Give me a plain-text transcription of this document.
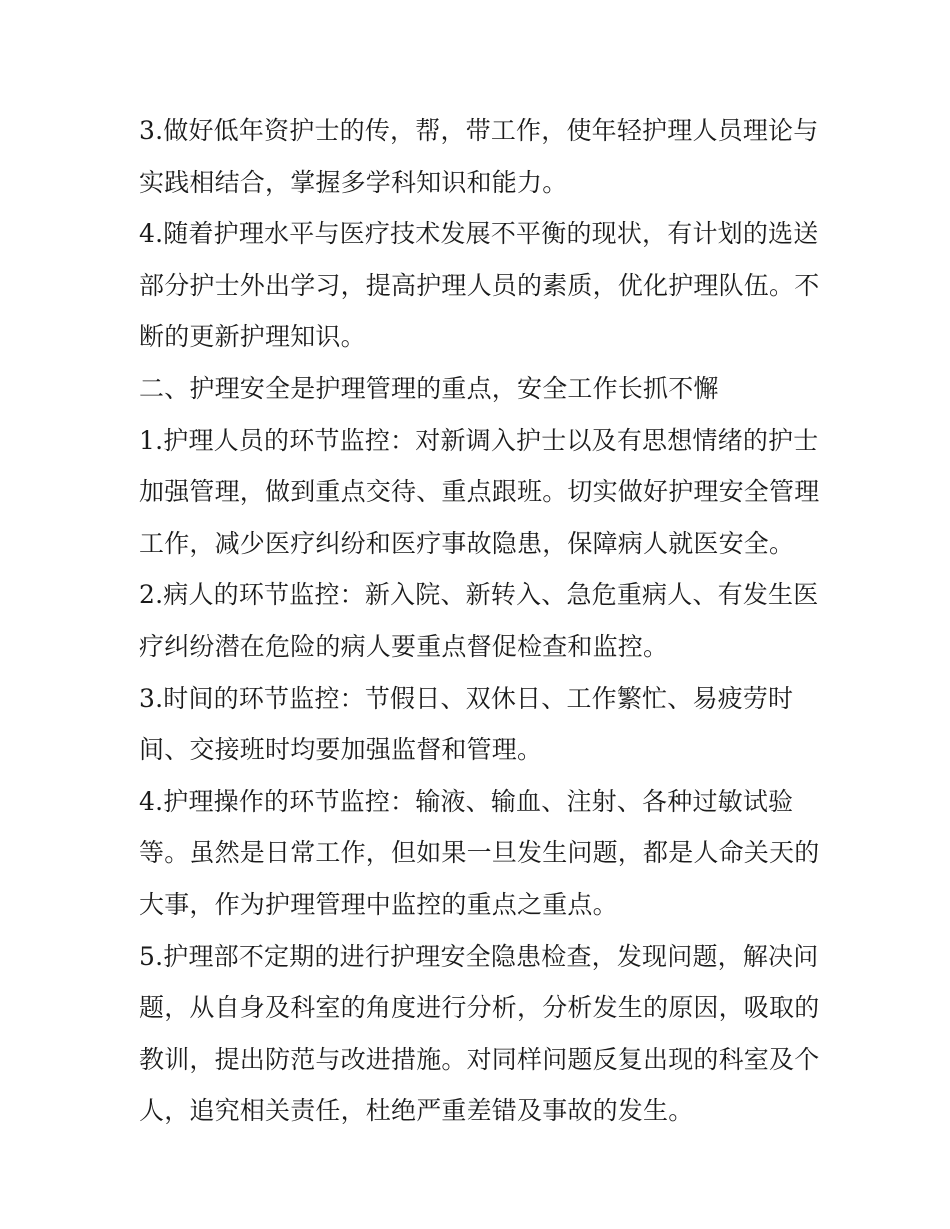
3.做好低年资护士的传，帮，带工作，使年轻护理人员理论与
实践相结合，掌握多学科知识和能力。
4.随着护理水平与医疗技术发展不平衡的现状，有计划的选送
部分护士外出学习，提高护理人员的素质，优化护理队伍。不
断的更新护理知识。
二、护理安全是护理管理的重点，安全工作长抓不懈
1.护理人员的环节监控：对新调入护士以及有思想情绪的护士
加强管理，做到重点交待、重点跟班。切实做好护理安全管理
工作，减少医疗纠纷和医疗事故隐患，保障病人就医安全。
2.病人的环节监控：新入院、新转入、急危重病人、有发生医
疗纠纷潜在危险的病人要重点督促检查和监控。
3.时间的环节监控：节假日、双休日、工作繁忙、易疲劳时
间、交接班时均要加强监督和管理。
4.护理操作的环节监控：输液、输血、注射、各种过敏试验
等。虽然是日常工作，但如果一旦发生问题，都是人命关天的
大事，作为护理管理中监控的重点之重点。
5.护理部不定期的进行护理安全隐患检查，发现问题，解决问
题，从自身及科室的角度进行分析，分析发生的原因，吸取的
教训，提出防范与改进措施。对同样问题反复出现的科室及个
人，追究相关责任，杜绝严重差错及事故的发生。
